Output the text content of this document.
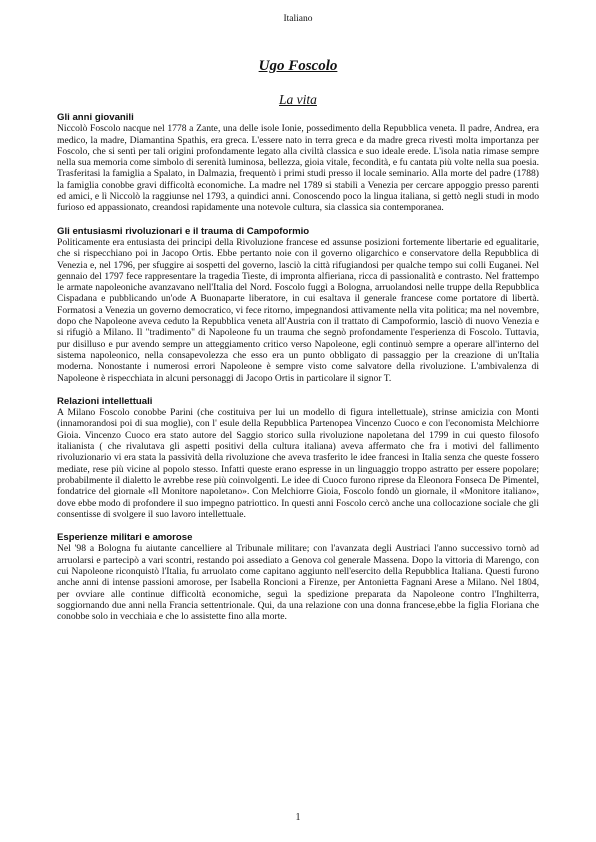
Italiano
Ugo Foscolo
La vita
Gli anni giovanili

Niccolò Foscolo nacque nel 1778 a Zante, una delle isole Ionie, possedimento della Repubblica veneta. Il padre, Andrea, era medico, la madre, Diamantina Spathis, era greca. L'essere nato in terra greca e da madre greca rivestì molta importanza per Foscolo, che si sentì per tali origini profondamente legato alla civiltà classica e suo ideale erede. L'isola natia rimase sempre nella sua memoria come simbolo di serenità luminosa, bellezza, gioia vitale, fecondità, e fu cantata più volte nella sua poesia. Trasferitasi la famiglia a Spalato, in Dalmazia, frequentò i primi studi presso il locale seminario. Alla morte del padre (1788) la famiglia conobbe gravi difficoltà economiche. La madre nel 1789 si stabilì a Venezia per cercare appoggio presso parenti ed amici, e lì Niccolò la raggiunse nel 1793, a quindici anni. Conoscendo poco la lingua italiana, si gettò negli studi in modo furioso ed appassionato, creandosi rapidamente una notevole cultura, sia classica sia contemporanea.

Gli entusiasmi rivoluzionari e il trauma di Campoformio

Politicamente era entusiasta dei principi della Rivoluzione francese ed assunse posizioni fortemente libertarie ed egualitarie, che si rispecchiano poi in Jacopo Ortis. Ebbe pertanto noie con il governo oligarchico e conservatore della Repubblica di Venezia e, nel 1796, per sfuggire ai sospetti del governo, lasciò la città rifugiandosi per qualche tempo sui colli Euganei. Nel gennaio del 1797 fece rappresentare la tragedia Tieste, di impronta alfieriana, ricca di passionalità e contrasto. Nel frattempo le armate napoleoniche avanzavano nell'Italia del Nord. Foscolo fuggì a Bologna, arruolandosi nelle truppe della Repubblica Cispadana e pubblicando un'ode A Buonaparte liberatore, in cui esaltava il generale francese come portatore di libertà. Formatosi a Venezia un governo democratico, vi fece ritorno, impegnandosi attivamente nella vita politica; ma nel novembre, dopo che Napoleone aveva ceduto la Repubblica veneta all'Austria con il trattato di Campoformio, lasciò di nuovo Venezia e si rifugiò a Milano. Il "tradimento" di Napoleone fu un trauma che segnò profondamente l'esperienza di Foscolo. Tuttavia, pur disilluso e pur avendo sempre un atteggiamento critico verso Napoleone, egli continuò sempre a operare all'interno del sistema napoleonico, nella consapevolezza che esso era un punto obbligato di passaggio per la creazione di un'Italia moderna. Nonostante i numerosi errori Napoleone è sempre visto come salvatore della rivoluzione. L'ambivalenza di Napoleone è rispecchiata in alcuni personaggi di Jacopo Ortis in particolare il signor T.

Relazioni intellettuali

A Milano Foscolo conobbe Parini (che costituiva per lui un modello di figura intellettuale), strinse amicizia con Monti (innamorandosi poi di sua moglie), con l' esule della Repubblica Partenopea Vincenzo Cuoco e con l'economista Melchiorre Gioia. Vincenzo Cuoco era stato autore del Saggio storico sulla rivoluzione napoletana del 1799 in cui questo filosofo italianista ( che rivalutava gli aspetti positivi della cultura italiana) aveva affermato che fra i motivi del fallimento rivoluzionario vi era stata la passività della rivoluzione che aveva trasferito le idee francesi in Italia senza che queste fossero mediate, rese più vicine al popolo stesso. Infatti queste erano espresse in un linguaggio troppo astratto per essere popolare; probabilmente il dialetto le avrebbe rese più coinvolgenti. Le idee di Cuoco furono riprese da Eleonora Fonseca De Pimentel, fondatrice del giornale «Il Monitore napoletano». Con Melchiorre Gioia, Foscolo fondò un giornale, il «Monitore italiano», dove ebbe modo di profondere il suo impegno patriottico. In questi anni Foscolo cercò anche una collocazione sociale che gli consentisse di svolgere il suo lavoro intellettuale.

Esperienze militari e amorose

Nel '98 a Bologna fu aiutante cancelliere al Tribunale militare; con l'avanzata degli Austriaci l'anno successivo tornò ad arruolarsi e partecipò a vari scontri, restando poi assediato a Genova col generale Massena. Dopo la vittoria di Marengo, con cui Napoleone riconquistò l'Italia, fu arruolato come capitano aggiunto nell'esercito della Repubblica Italiana. Questi furono anche anni di intense passioni amorose, per Isabella Roncioni a Firenze, per Antonietta Fagnani Arese a Milano. Nel 1804, per ovviare alle continue difficoltà economiche, seguì la spedizione preparata da Napoleone contro l'Inghilterra, soggiornando due anni nella Francia settentrionale. Qui, da una relazione con una donna francese,ebbe la figlia Floriana che conobbe solo in vecchiaia e che lo assistette fino alla morte.

1
